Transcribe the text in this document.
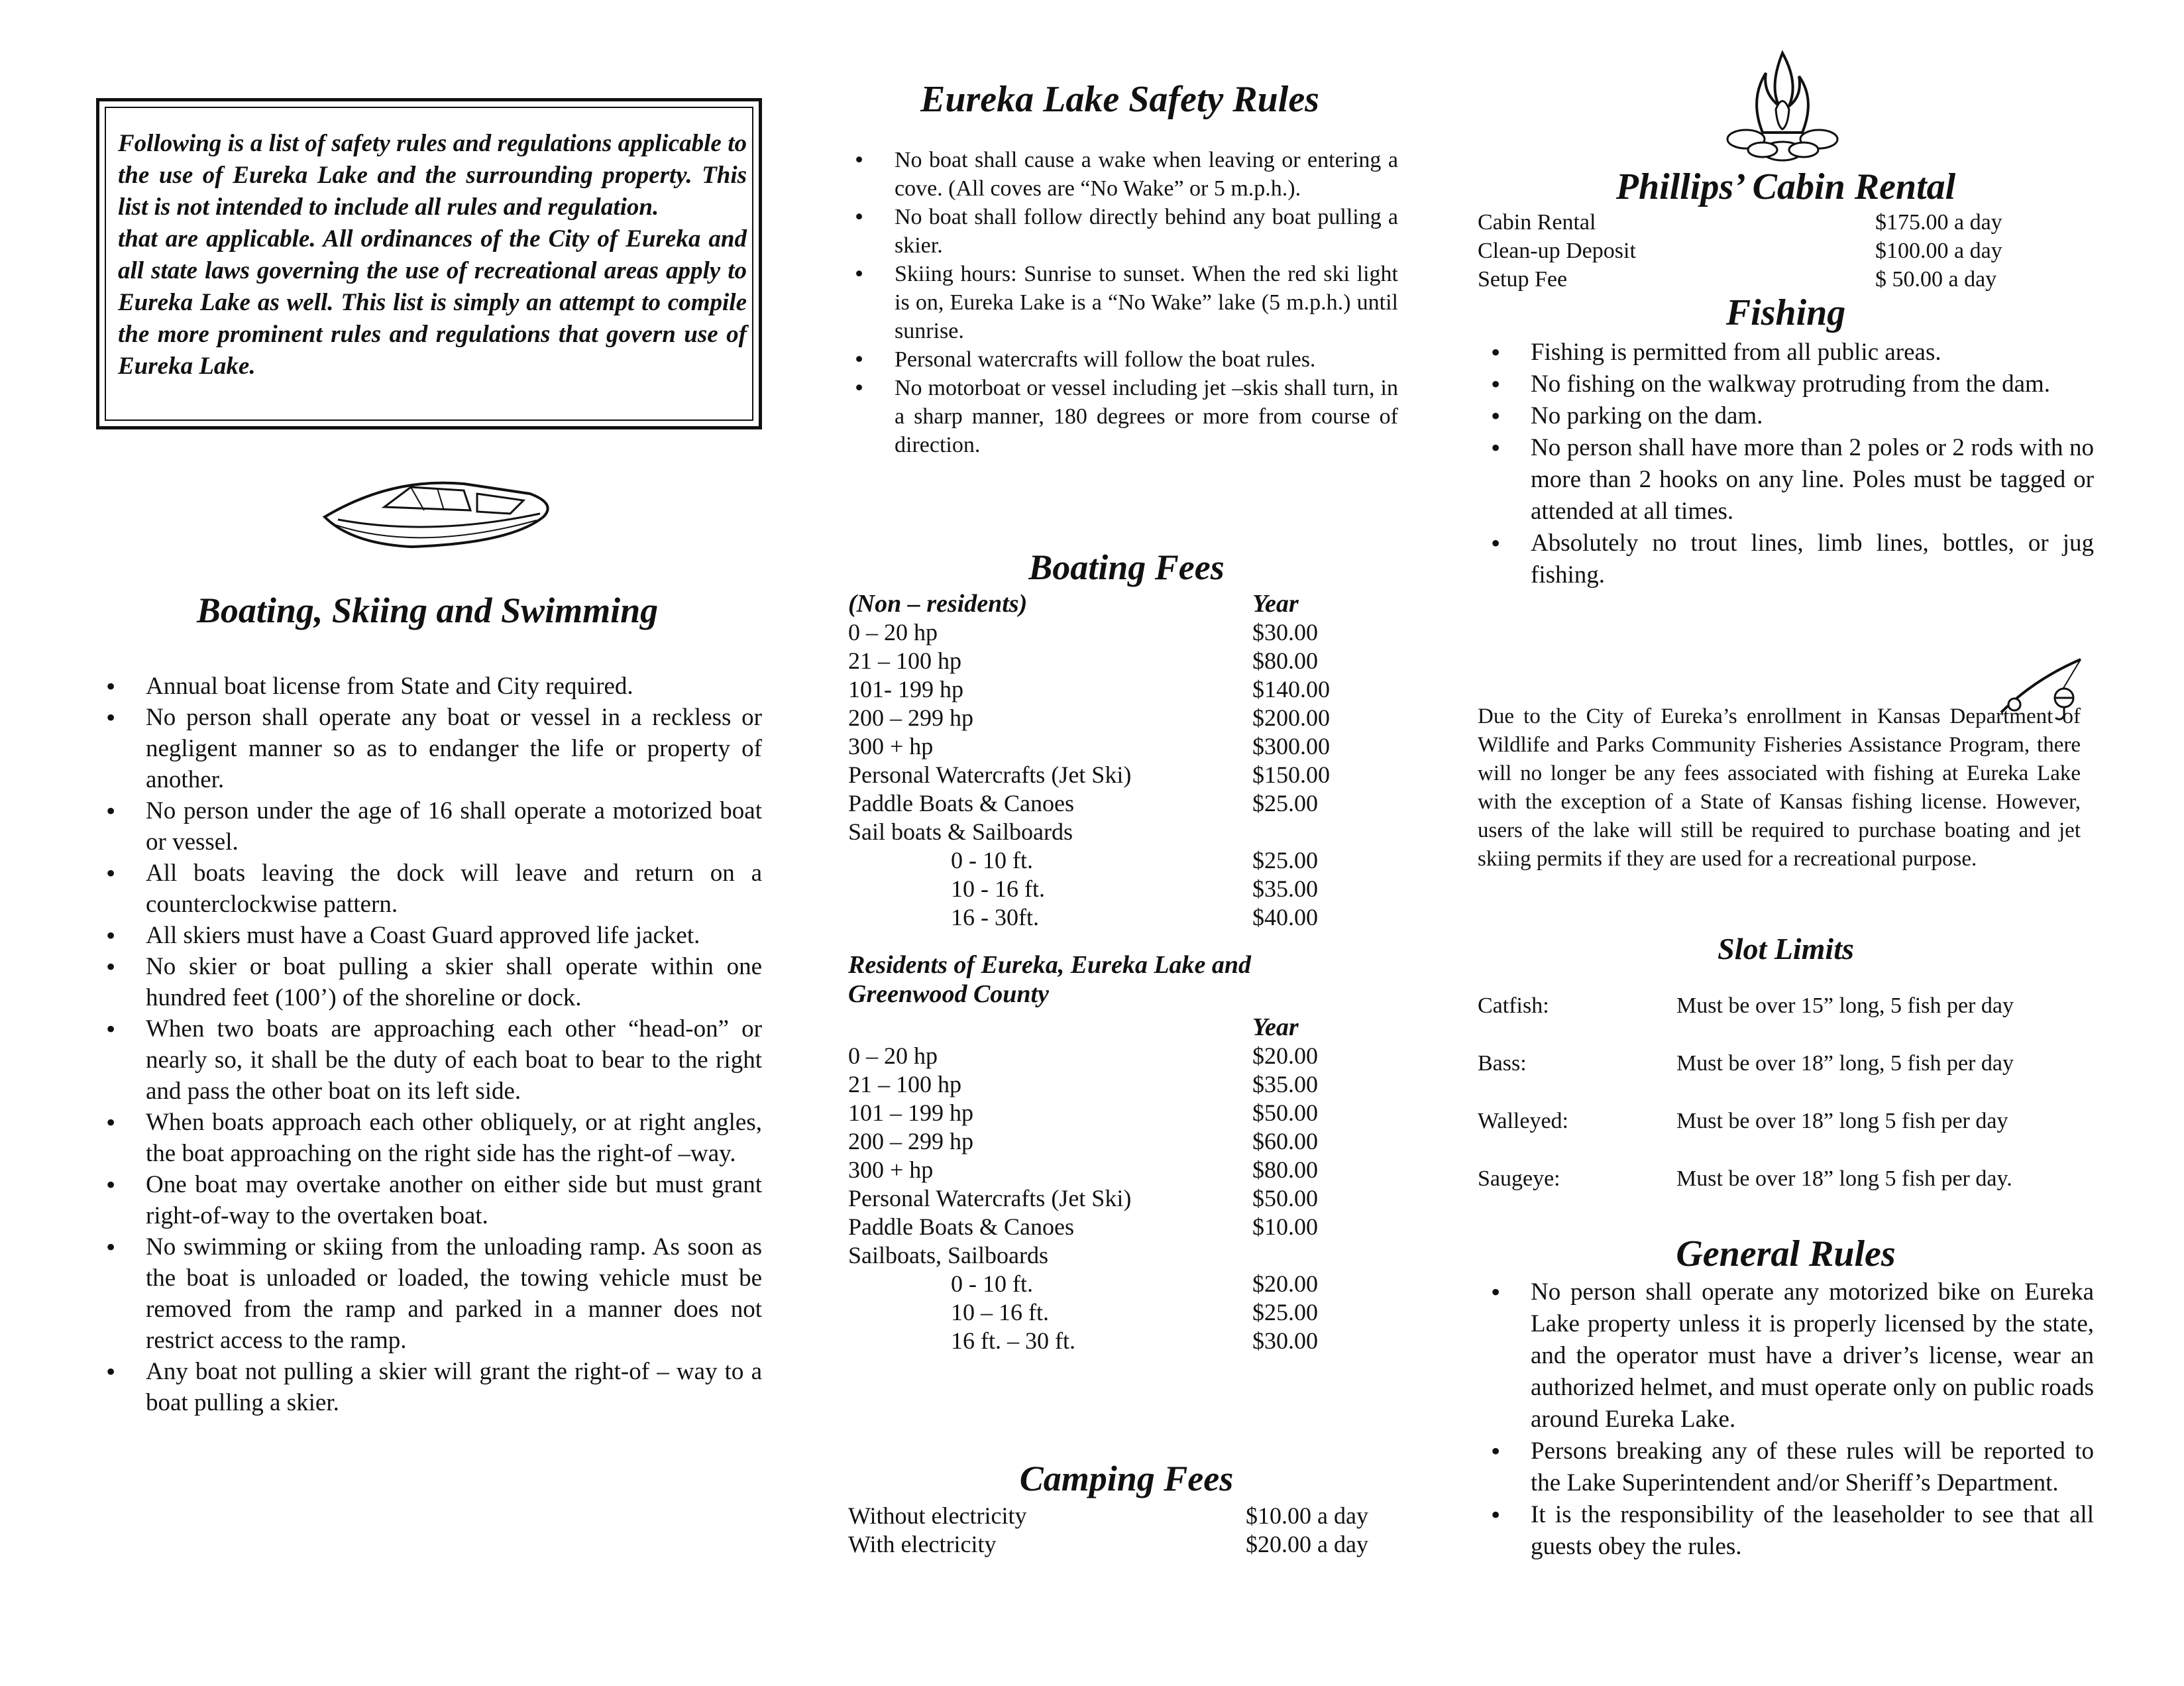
Following is a list of safety rules and regulations applicable to the use of Eureka Lake and the surrounding property. This list is not intended to include all rules and regulation.

that are applicable. All ordinances of the City of Eureka and all state laws governing the use of recreational areas apply to Eureka Lake as well. This list is simply an attempt to compile the more prominent rules and regulations that govern use of Eureka Lake.

Boating, Skiing and Swimming
• Annual boat license from State and City required.
• No person shall operate any boat or vessel in a reckless or negligent manner so as to endanger the life or property of another.
• No person under the age of 16 shall operate a motorized boat or vessel.
• All boats leaving the dock will leave and return on a counterclockwise pattern.
• All skiers must have a Coast Guard approved life jacket.
• No skier or boat pulling a skier shall operate within one hundred feet (100’) of the shoreline or dock.
• When two boats are approaching each other “head-on” or nearly so, it shall be the duty of each boat to bear to the right and pass the other boat on its left side.
• When boats approach each other obliquely, or at right angles, the boat approaching on the right side has the right-of –way.
• One boat may overtake another on either side but must grant right-of-way to the overtaken boat.
• No swimming or skiing from the unloading ramp. As soon as the boat is unloaded or loaded, the towing vehicle must be removed from the ramp and parked in a manner does not restrict access to the ramp.
• Any boat not pulling a skier will grant the right-of – way to a boat pulling a skier.
Eureka Lake Safety Rules
• No boat shall cause a wake when leaving or entering a cove. (All coves are “No Wake” or 5 m.p.h.).
• No boat shall follow directly behind any boat pulling a skier.
• Skiing hours: Sunrise to sunset. When the red ski light is on, Eureka Lake is a “No Wake” lake (5 m.p.h.) until sunrise.
• Personal watercrafts will follow the boat rules.
• No motorboat or vessel including jet –skis shall turn, in a sharp manner, 180 degrees or more from course of direction.
Boating Fees
(Non – residents)	Year
0 – 20 hp	$30.00
21 – 100 hp	$80.00
101- 199 hp	$140.00
200 – 299 hp	$200.00
300 + hp	$300.00
Personal Watercrafts (Jet Ski)	$150.00
Paddle Boats & Canoes	$25.00
Sail boats & Sailboards
0 - 10 ft.	$25.00
10 - 16 ft.	$35.00
16 - 30ft.	$40.00
Residents of Eureka, Eureka Lake and Greenwood County
Year
0 – 20 hp	$20.00
21 – 100 hp	$35.00
101 – 199 hp	$50.00
200 – 299 hp	$60.00
300 + hp	$80.00
Personal Watercrafts (Jet Ski)	$50.00
Paddle Boats & Canoes	$10.00
Sailboats, Sailboards
0 - 10 ft.	$20.00
10 – 16 ft.	$25.00
16 ft. – 30 ft.	$30.00
Camping Fees
Without electricity	$10.00 a day
With electricity	$20.00 a day
Phillips’ Cabin Rental
Cabin Rental	$175.00 a day
Clean-up Deposit	$100.00 a day
Setup Fee	$ 50.00 a day
Fishing
• Fishing is permitted from all public areas.
• No fishing on the walkway protruding from the dam.
• No parking on the dam.
• No person shall have more than 2 poles or 2 rods with no more than 2 hooks on any line. Poles must be tagged or attended at all times.
• Absolutely no trout lines, limb lines, bottles, or jug fishing.

Due to the City of Eureka’s enrollment in Kansas Department of Wildlife and Parks Community Fisheries Assistance Program, there will no longer be any fees associated with fishing at Eureka Lake with the exception of a State of Kansas fishing license. However, users of the lake will still be required to purchase boating and jet skiing permits if they are used for a recreational purpose.

Slot Limits
Catfish:	Must be over 15” long, 5 fish per day
Bass:	Must be over 18” long, 5 fish per day
Walleyed:	Must be over 18” long 5 fish per day
Saugeye:	Must be over 18” long 5 fish per day.
General Rules
• No person shall operate any motorized bike on Eureka Lake property unless it is properly licensed by the state, and the operator must have a driver’s license, wear an authorized helmet, and must operate only on public roads around Eureka Lake.
• Persons breaking any of these rules will be reported to the Lake Superintendent and/or Sheriff’s Department.
• It is the responsibility of the leaseholder to see that all guests obey the rules.
